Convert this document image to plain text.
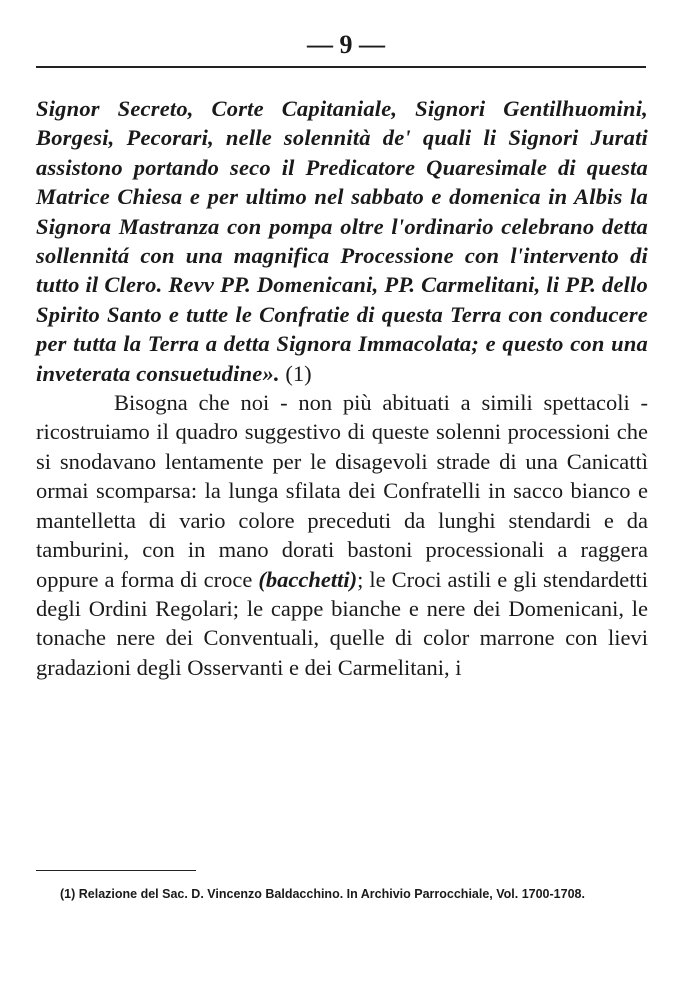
— 9 —

Signor Secreto, Corte Capitaniale, Signori Gentilhuomini, Borgesi, Pecorari, nelle solennità de' quali li Signori Jurati assistono portando seco il Predicatore Quaresimale di questa Matrice Chiesa e per ultimo nel sabbato e domenica in Albis la Signora Mastranza con pompa oltre l'ordinario celebrano detta sollennitá con una magnifica Processione con l'intervento di tutto il Clero. Revv PP. Domenicani, PP. Carmelitani, li PP. dello Spirito Santo e tutte le Confratie di questa Terra con conducere per tutta la Terra a detta Signora Immacolata; e questo con una inveterata consuetudine». (1)
Bisogna che noi - non più abituati a simili spettacoli - ricostruiamo il quadro suggestivo di queste solenni processioni che si snodavano lentamente per le disagevoli strade di una Canicattì ormai scomparsa: la lunga sfilata dei Confratelli in sacco bianco e mantelletta di vario colore preceduti da lunghi stendardi e da tamburini, con in mano dorati bastoni processionali a raggera oppure a forma di croce (bacchetti); le Croci astili e gli stendardetti degli Ordini Regolari; le cappe bianche e nere dei Domenicani, le tonache nere dei Conventuali, quelle di color marrone con lievi gradazioni degli Osservanti e dei Carmelitani, i

(1) Relazione del Sac. D. Vincenzo Baldacchino. In Archivio Parrocchiale, Vol. 1700-1708.
